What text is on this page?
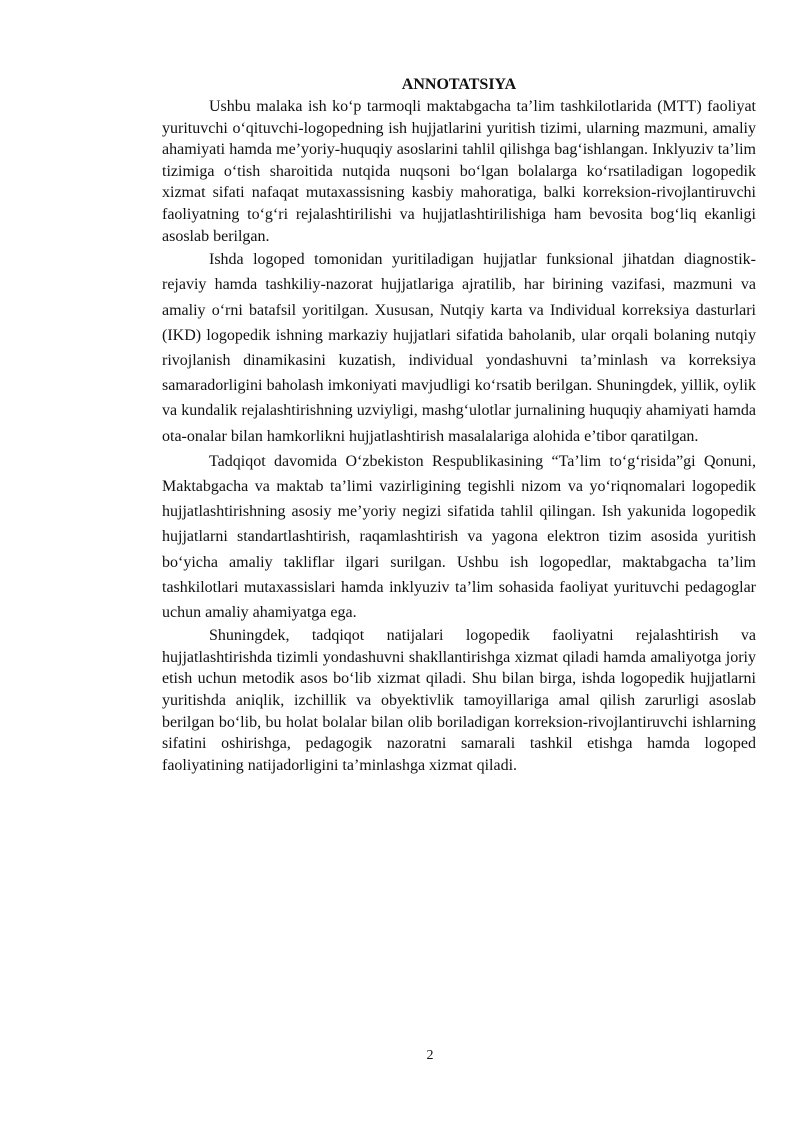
ANNOTATSIYA

Ushbu malaka ish ko‘p tarmoqli maktabgacha ta’lim tashkilotlarida (MTT) faoliyat yurituvchi o‘qituvchi-logopedning ish hujjatlarini yuritish tizimi, ularning mazmuni, amaliy ahamiyati hamda me’yoriy-huquqiy asoslarini tahlil qilishga bag‘ishlangan. Inklyuziv ta’lim tizimiga o‘tish sharoitida nutqida nuqsoni bo‘lgan bolalarga ko‘rsatiladigan logopedik xizmat sifati nafaqat mutaxassisning kasbiy mahoratiga, balki korreksion-rivojlantiruvchi faoliyatning to‘g‘ri rejalashtirilishi va hujjatlashtirilishiga ham bevosita bog‘liq ekanligi asoslab berilgan.

Ishda logoped tomonidan yuritiladigan hujjatlar funksional jihatdan diagnostik-rejaviy hamda tashkiliy-nazorat hujjatlariga ajratilib, har birining vazifasi, mazmuni va amaliy o‘rni batafsil yoritilgan. Xususan, Nutqiy karta va Individual korreksiya dasturlari (IKD) logopedik ishning markaziy hujjatlari sifatida baholanib, ular orqali bolaning nutqiy rivojlanish dinamikasini kuzatish, individual yondashuvni ta’minlash va korreksiya samaradorligini baholash imkoniyati mavjudligi ko‘rsatib berilgan. Shuningdek, yillik, oylik va kundalik rejalashtirishning uzviyligi, mashg‘ulotlar jurnalining huquqiy ahamiyati hamda ota-onalar bilan hamkorlikni hujjatlashtirish masalalariga alohida e’tibor qaratilgan.

Tadqiqot davomida O‘zbekiston Respublikasining “Ta’lim to‘g‘risida”gi Qonuni, Maktabgacha va maktab ta’limi vazirligining tegishli nizom va yo‘riqnomalari logopedik hujjatlashtirishning asosiy me’yoriy negizi sifatida tahlil qilingan. Ish yakunida logopedik hujjatlarni standartlashtirish, raqamlashtirish va yagona elektron tizim asosida yuritish bo‘yicha amaliy takliflar ilgari surilgan. Ushbu ish logopedlar, maktabgacha ta’lim tashkilotlari mutaxassislari hamda inklyuziv ta’lim sohasida faoliyat yurituvchi pedagoglar uchun amaliy ahamiyatga ega.

Shuningdek, tadqiqot natijalari logopedik faoliyatni rejalashtirish va hujjatlashtirishda tizimli yondashuvni shakllantirishga xizmat qiladi hamda amaliyotga joriy etish uchun metodik asos bo‘lib xizmat qiladi. Shu bilan birga, ishda logopedik hujjatlarni yuritishda aniqlik, izchillik va obyektivlik tamoyillariga amal qilish zarurligi asoslab berilgan bo‘lib, bu holat bolalar bilan olib boriladigan korreksion-rivojlantiruvchi ishlarning sifatini oshirishga, pedagogik nazoratni samarali tashkil etishga hamda logoped faoliyatining natijadorligini ta’minlashga xizmat qiladi.

2
